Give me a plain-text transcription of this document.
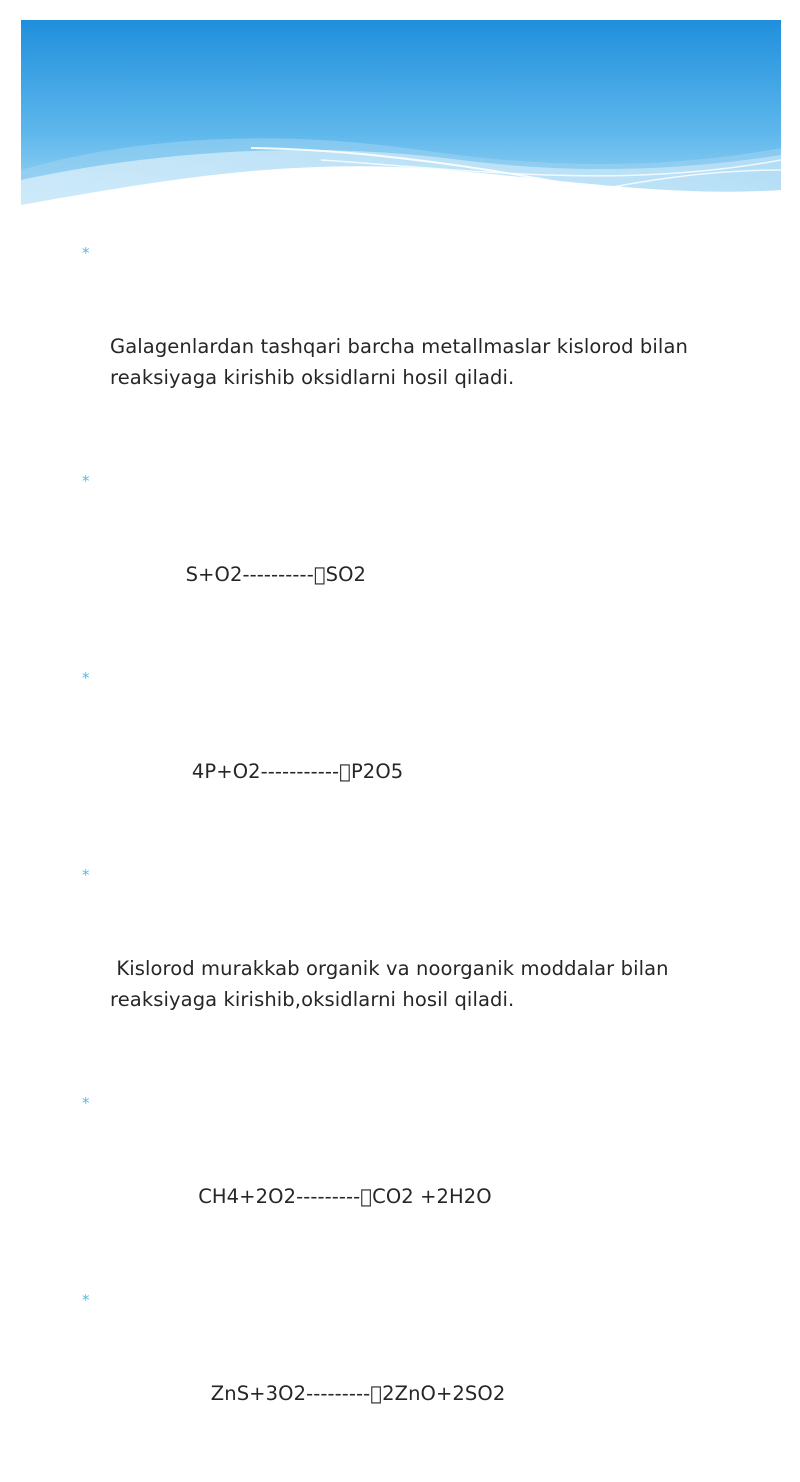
*

Galagenlardan tashqari barcha metallmaslar kislorod bilan reaksiyaga kirishib oksidlarni hosil qiladi.

*

S+O2---------- SO2

*

4P+O2----------- P2O5

*

Kislorod murakkab organik va noorganik moddalar bilan reaksiyaga kirishib,oksidlarni hosil qiladi.

*

CH4+2O2--------- CO2 +2H2O

*

ZnS+3O2--------- 2ZnO+2SO2
